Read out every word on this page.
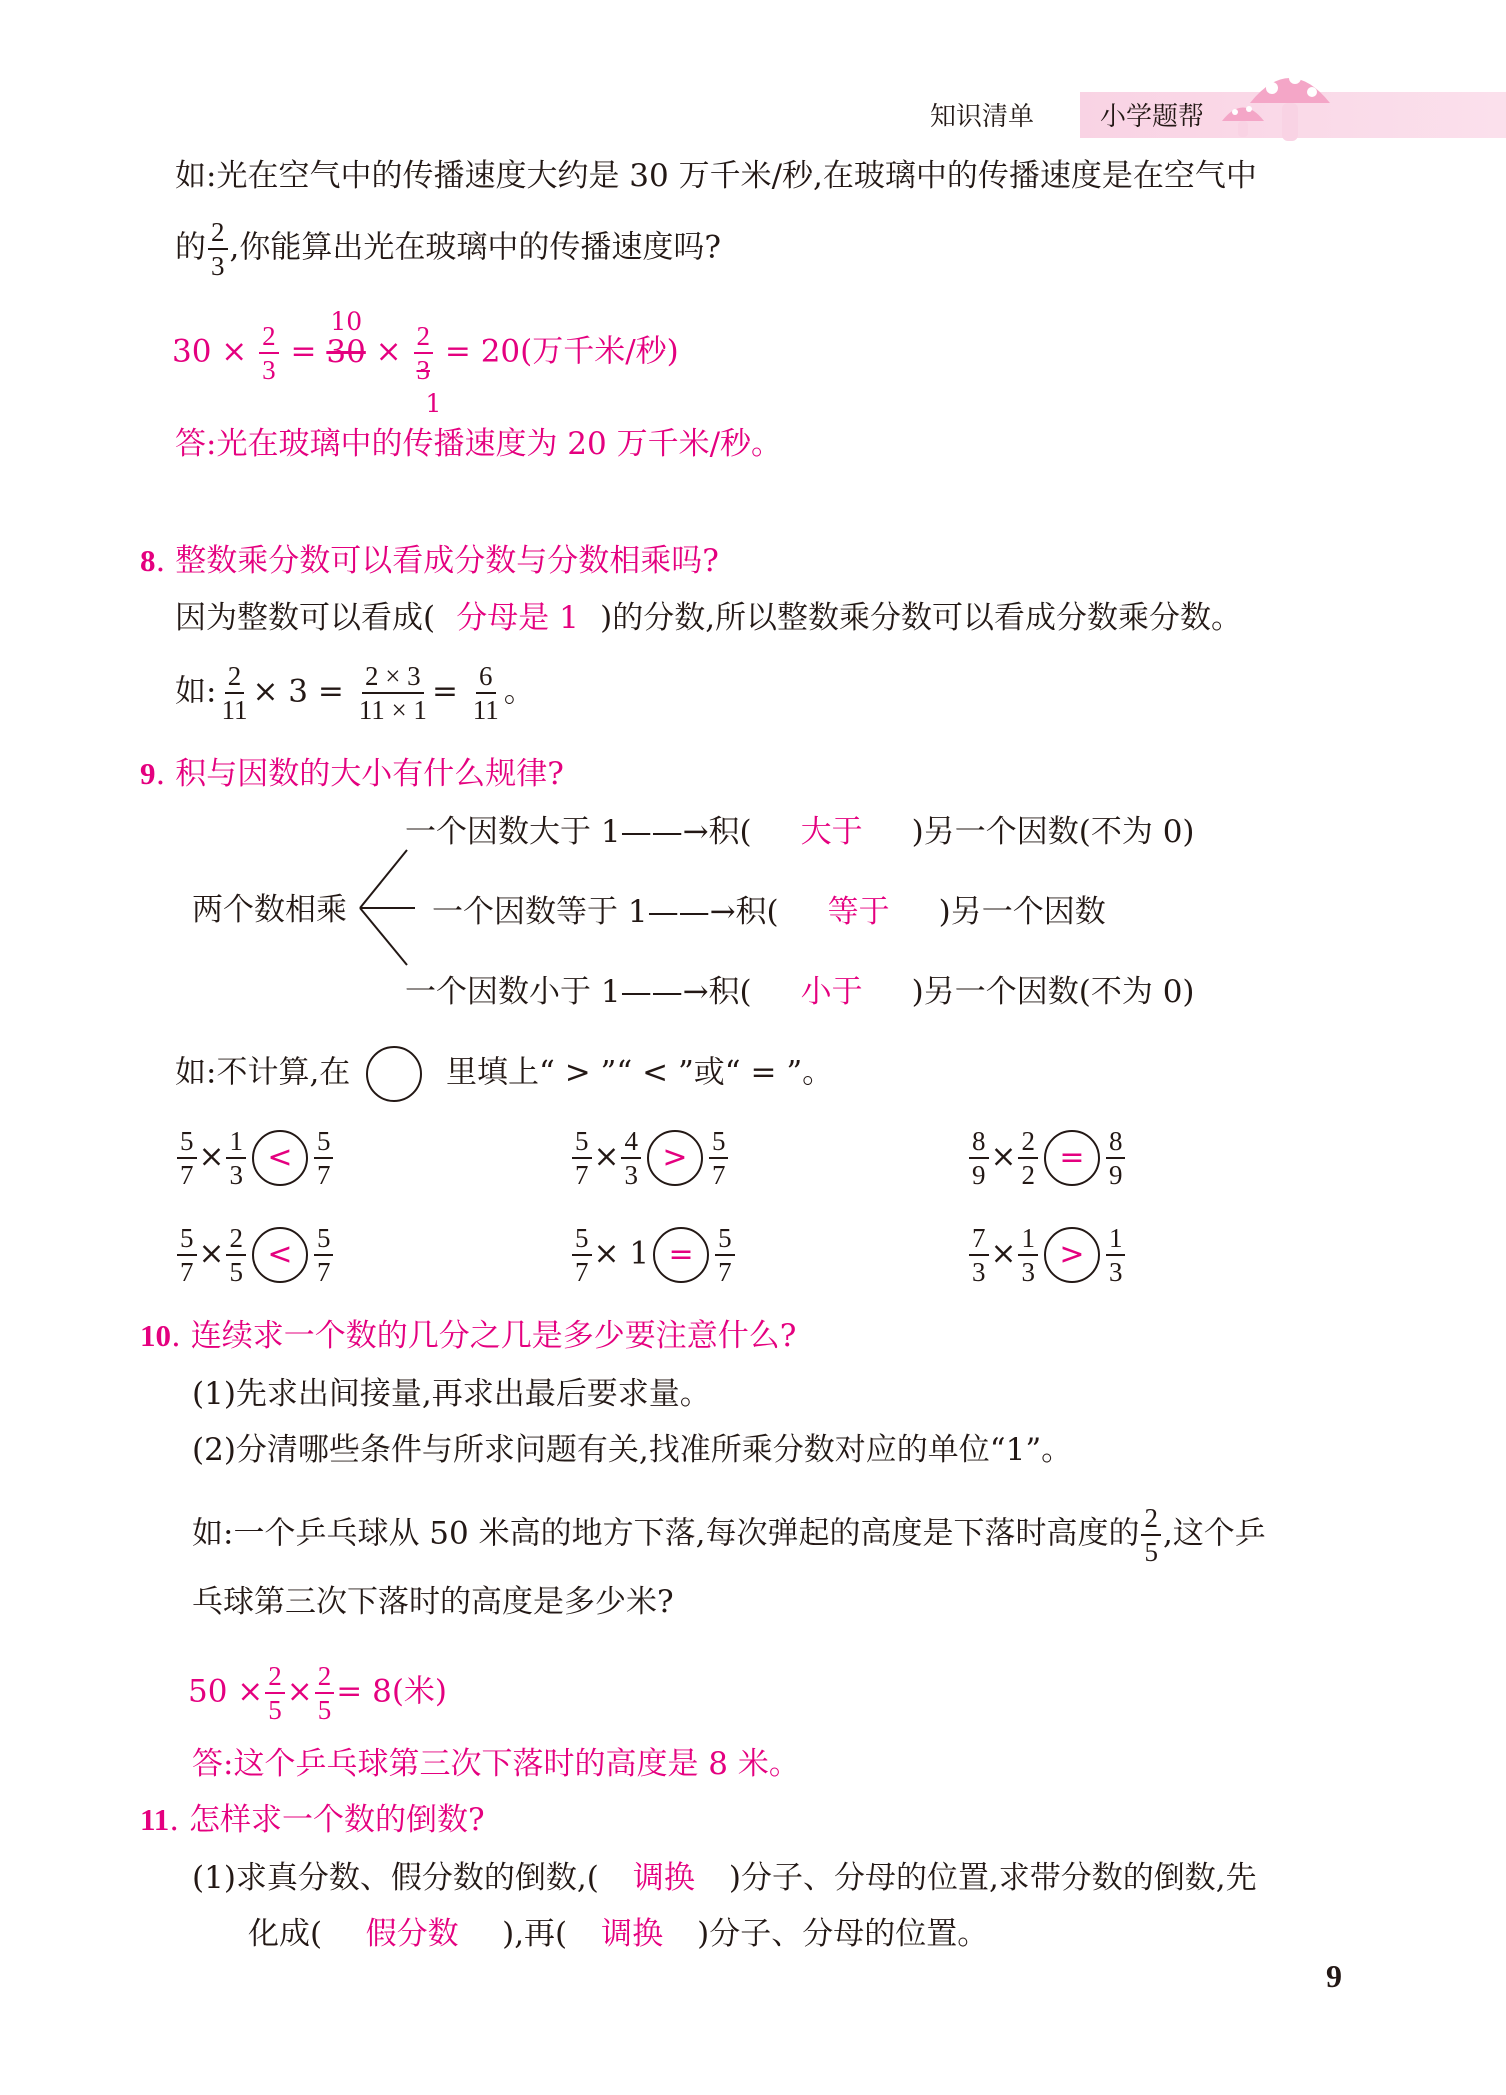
知识清单	小学题帮
如:光在空气中的传播速度大约是 30 万千米/秒,在玻璃中的传播速度是在空气中
的 $\frac{2}{3}$ ,你能算出光在玻璃中的传播速度吗?
$30 \times \frac{2}{3}$ =
10
$30 \times \frac{2}{3}$
1
= 20(万千米/秒)
答:光在玻璃中的传播速度为 20 万千米/秒。
8. 整数乘分数可以看成分数与分数相乘吗?
因为整数可以看成( 分母是 1 )的分数,所以整数乘分数可以看成分数乘分数。
如: $\frac{2}{11} \times 3 = \frac{2 \times 3}{11 \times 1} = \frac{6}{11}$ 。
9. 积与因数的大小有什么规律?
两个数相乘
一个因数大于 1——→积( 大于 )另一个因数(不为 0)
一个因数等于 1——→积( 等于 )另一个因数
一个因数小于 1——→积( 小于 )另一个因数(不为 0)
如:不计算,在	里填上“ > ”“ < ”或“ = ”。
$\frac{5}{7} \times \frac{1}{3} < \frac{5}{7}$	$\frac{5}{7} \times \frac{4}{3} > \frac{5}{7}$	$\frac{8}{9} \times \frac{2}{2} = \frac{8}{9}$
$\frac{5}{7} \times \frac{2}{5} < \frac{5}{7}$	$\frac{5}{7} \times 1 = \frac{5}{7}$	$\frac{7}{3} \times \frac{1}{3} > \frac{1}{3}$
10. 连续求一个数的几分之几是多少要注意什么?
(1)先求出间接量,再求出最后要求量。
(2)分清哪些条件与所求问题有关,找准所乘分数对应的单位“1”。
如:一个乒乓球从 50 米高的地方下落,每次弹起的高度是下落时高度的 $\frac{2}{5}$ ,这个乒
乓球第三次下落时的高度是多少米?
$50 \times \frac{2}{5} \times \frac{2}{5} = 8$(米)
答:这个乒乓球第三次下落时的高度是 8 米。
11. 怎样求一个数的倒数?
(1)求真分数、假分数的倒数,( 调换 )分子、分母的位置,求带分数的倒数,先
化成( 假分数 ),再( 调换 )分子、分母的位置。
9
